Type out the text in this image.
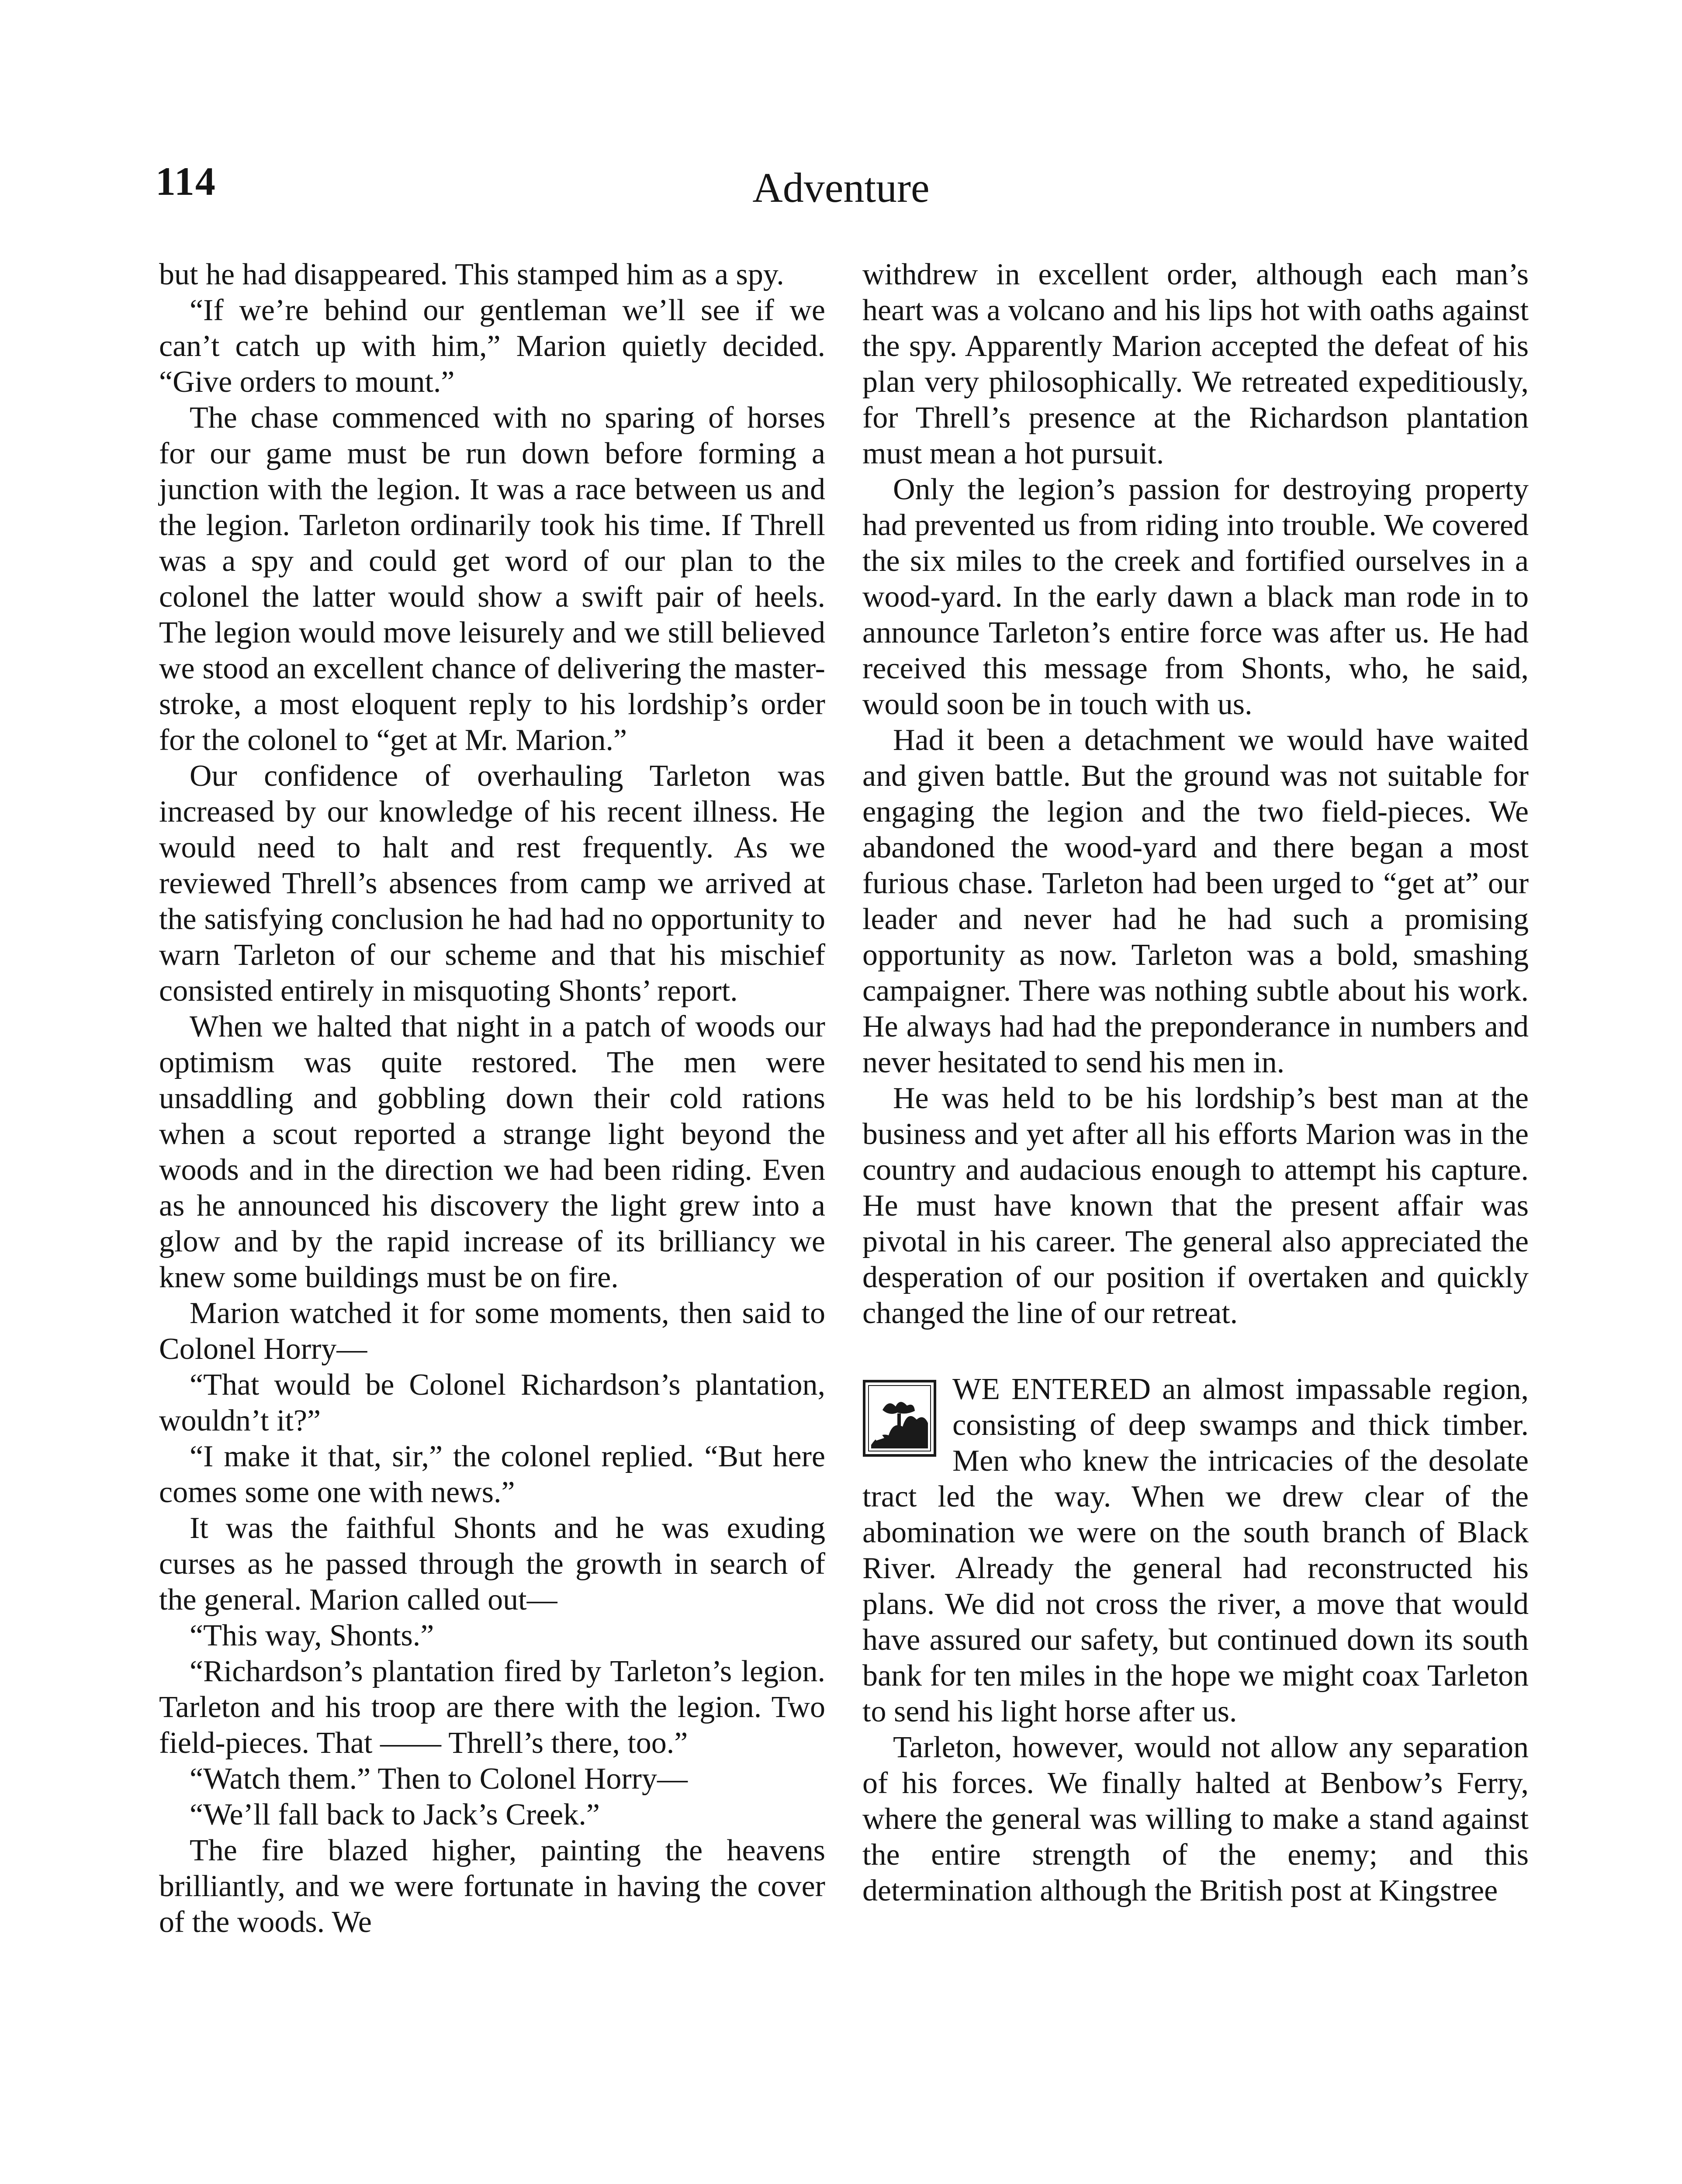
114	Adventure

but he had disappeared. This stamped him as a spy.

“If we’re behind our gentleman we’ll see if we can’t catch up with him,” Marion quietly decided. “Give orders to mount.”

The chase commenced with no sparing of horses for our game must be run down before forming a junction with the legion. It was a race between us and the legion. Tarleton ordinarily took his time. If Threll was a spy and could get word of our plan to the colonel the latter would show a swift pair of heels. The legion would move leisurely and we still believed we stood an excellent chance of delivering the master-stroke, a most eloquent reply to his lordship’s order for the colonel to “get at Mr. Marion.”

Our confidence of overhauling Tarleton was increased by our knowledge of his recent illness. He would need to halt and rest frequently. As we reviewed Threll’s absences from camp we arrived at the satisfying conclusion he had had no opportunity to warn Tarleton of our scheme and that his mischief consisted entirely in misquoting Shonts’ report.

When we halted that night in a patch of woods our optimism was quite restored. The men were unsaddling and gobbling down their cold rations when a scout reported a strange light beyond the woods and in the direction we had been riding. Even as he announced his discovery the light grew into a glow and by the rapid increase of its brilliancy we knew some buildings must be on fire.

Marion watched it for some moments, then said to Colonel Horry—

“That would be Colonel Richardson’s plantation, wouldn’t it?”

“I make it that, sir,” the colonel replied. “But here comes some one with news.”

It was the faithful Shonts and he was exuding curses as he passed through the growth in search of the general. Marion called out—

“This way, Shonts.”

“Richardson’s plantation fired by Tarleton’s legion. Tarleton and his troop are there with the legion. Two field-pieces. That —— Threll’s there, too.”

“Watch them.” Then to Colonel Horry—

“We’ll fall back to Jack’s Creek.”

The fire blazed higher, painting the heavens brilliantly, and we were fortunate in having the cover of the woods. We

withdrew in excellent order, although each man’s heart was a volcano and his lips hot with oaths against the spy. Apparently Marion accepted the defeat of his plan very philosophically. We retreated expeditiously, for Threll’s presence at the Richardson plantation must mean a hot pursuit.

Only the legion’s passion for destroying property had prevented us from riding into trouble. We covered the six miles to the creek and fortified ourselves in a wood-yard. In the early dawn a black man rode in to announce Tarleton’s entire force was after us. He had received this message from Shonts, who, he said, would soon be in touch with us.

Had it been a detachment we would have waited and given battle. But the ground was not suitable for engaging the legion and the two field-pieces. We abandoned the wood-yard and there began a most furious chase. Tarleton had been urged to “get at” our leader and never had he had such a promising opportunity as now. Tarleton was a bold, smashing campaigner. There was nothing subtle about his work. He always had had the preponderance in numbers and never hesitated to send his men in.

He was held to be his lordship’s best man at the business and yet after all his efforts Marion was in the country and audacious enough to attempt his capture. He must have known that the present affair was pivotal in his career. The general also appreciated the desperation of our position if overtaken and quickly changed the line of our retreat.

WE ENTERED an almost impassable region, consisting of deep swamps and thick timber. Men who knew the intricacies of the desolate tract led the way. When we drew clear of the abomination we were on the south branch of Black River. Already the general had reconstructed his plans. We did not cross the river, a move that would have assured our safety, but continued down its south bank for ten miles in the hope we might coax Tarleton to send his light horse after us.

Tarleton, however, would not allow any separation of his forces. We finally halted at Benbow’s Ferry, where the general was willing to make a stand against the entire strength of the enemy; and this determination although the British post at Kingstree
